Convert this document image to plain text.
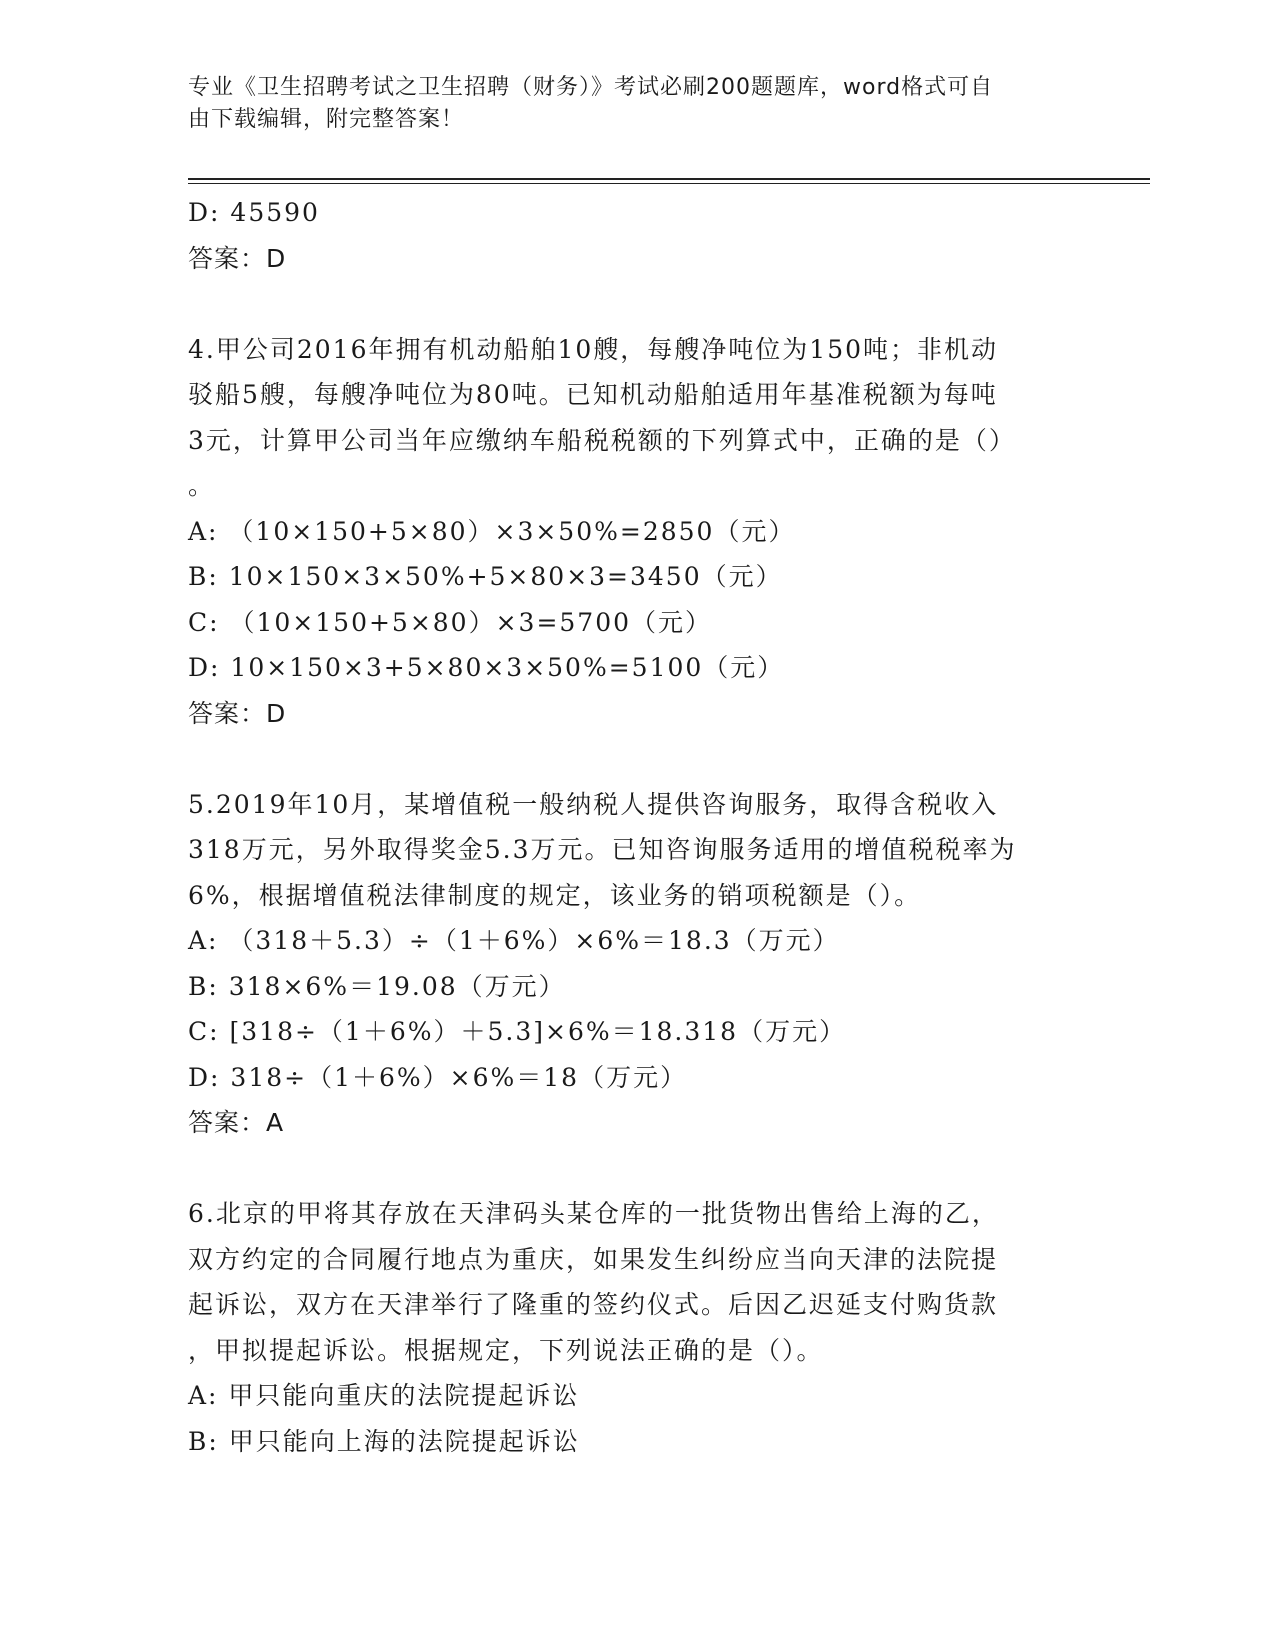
专业《卫生招聘考试之卫生招聘（财务）》考试必刷200题题库，word格式可自
由下载编辑，附完整答案！
D: 45590
答案：D
4.甲公司2016年拥有机动船舶10艘，每艘净吨位为150吨；非机动
驳船5艘，每艘净吨位为80吨。已知机动船舶适用年基准税额为每吨
3元，计算甲公司当年应缴纳车船税税额的下列算式中，正确的是（）
。
A: （10×150+5×80）×3×50%=2850（元）
B: 10×150×3×50%+5×80×3=3450（元）
C: （10×150+5×80）×3=5700（元）
D: 10×150×3+5×80×3×50%=5100（元）
答案：D
5.2019年10月，某增值税一般纳税人提供咨询服务，取得含税收入
318万元，另外取得奖金5.3万元。已知咨询服务适用的增值税税率为
6%，根据增值税法律制度的规定，该业务的销项税额是（）。
A: （318＋5.3）÷（1＋6%）×6%＝18.3（万元）
B: 318×6%＝19.08（万元）
C: [318÷（1＋6%）＋5.3]×6%＝18.318（万元）
D: 318÷（1＋6%）×6%＝18（万元）
答案：A
6.北京的甲将其存放在天津码头某仓库的一批货物出售给上海的乙，
双方约定的合同履行地点为重庆，如果发生纠纷应当向天津的法院提
起诉讼，双方在天津举行了隆重的签约仪式。后因乙迟延支付购货款
，甲拟提起诉讼。根据规定，下列说法正确的是（）。
A: 甲只能向重庆的法院提起诉讼
B: 甲只能向上海的法院提起诉讼
